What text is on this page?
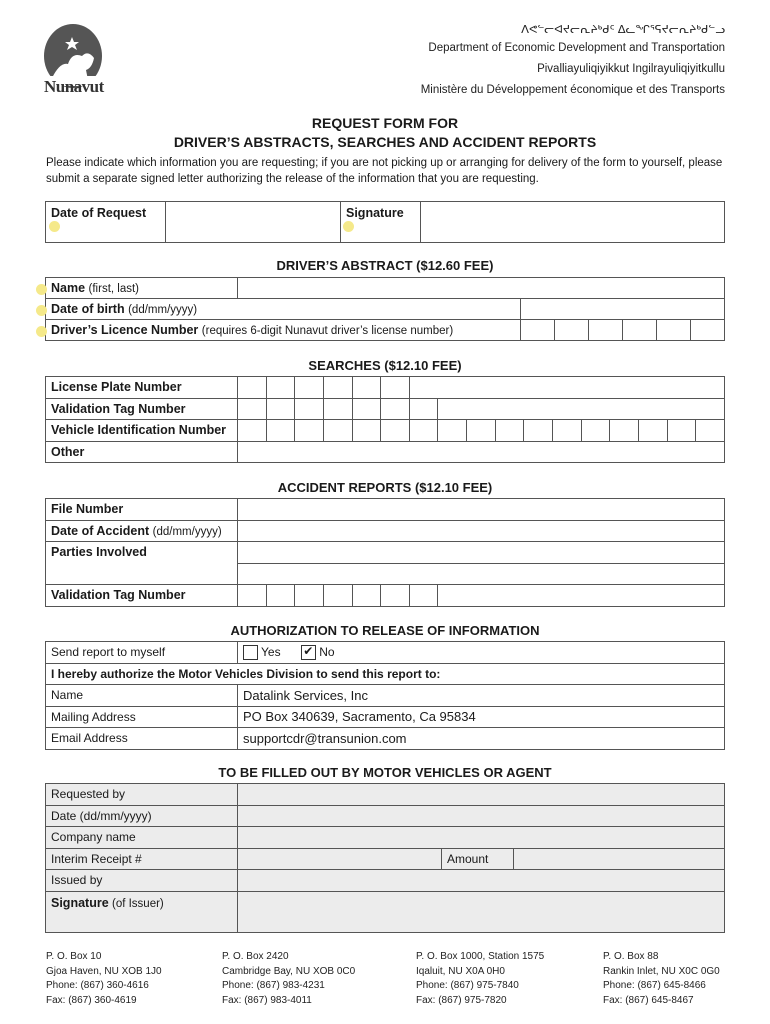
Nunavut
ᐱᕙᓪᓕᐊᔪᓕᕆᔨᒃᑯᑦ ᐃᓚᖏᕐᕋᔪᓕᕆᔨᒃᑯᓪᓗ
Department of Economic Development and Transportation
Pivalliayuliqiyikkut Ingilrayuliqiyitkullu
Ministère du Développement économique et des Transports
REQUEST FORM FOR
DRIVER’S ABSTRACTS, SEARCHES AND ACCIDENT REPORTS
Please indicate which information you are requesting; if you are not picking up or arranging for delivery of the form to yourself, please submit a separate signed letter authorizing the release of the information that you are requesting.
Date of Request		Signature	
DRIVER’S ABSTRACT ($12.60 FEE)
Name (first, last)							
Date of birth (dd/mm/yyyy)							
Driver’s Licence Number (requires 6-digit Nunavut driver’s license number)							
SEARCHES ($12.10 FEE)
License Plate Number																	
Validation Tag Number																	
Vehicle Identification Number																	
Other																	
ACCIDENT REPORTS ($12.10 FEE)
File Number								
Date of Accident (dd/mm/yyyy)								
Parties Involved								

Validation Tag Number								
AUTHORIZATION TO RELEASE OF INFORMATION
Send report to myself	Yes ✔ No
I hereby authorize the Motor Vehicles Division to send this report to:	
Name	Datalink Services, Inc
Mailing Address	PO Box 340639, Sacramento, Ca 95834
Email Address	supportcdr@transunion.com
TO BE FILLED OUT BY MOTOR VEHICLES OR AGENT
Requested by			
Date (dd/mm/yyyy)			
Company name			
Interim Receipt #		Amount	
Issued by			
Signature (of Issuer)			
P. O. Box 10
Gjoa Haven, NU XOB 1J0
Phone: (867) 360-4616
Fax: (867) 360-4619
P. O. Box 2420
Cambridge Bay, NU XOB 0C0
Phone: (867) 983-4231
Fax: (867) 983-4011
P. O. Box 1000, Station 1575
Iqaluit, NU X0A 0H0
Phone: (867) 975-7840
Fax: (867) 975-7820
P. O. Box 88
Rankin Inlet, NU X0C 0G0
Phone: (867) 645-8466
Fax: (867) 645-8467
